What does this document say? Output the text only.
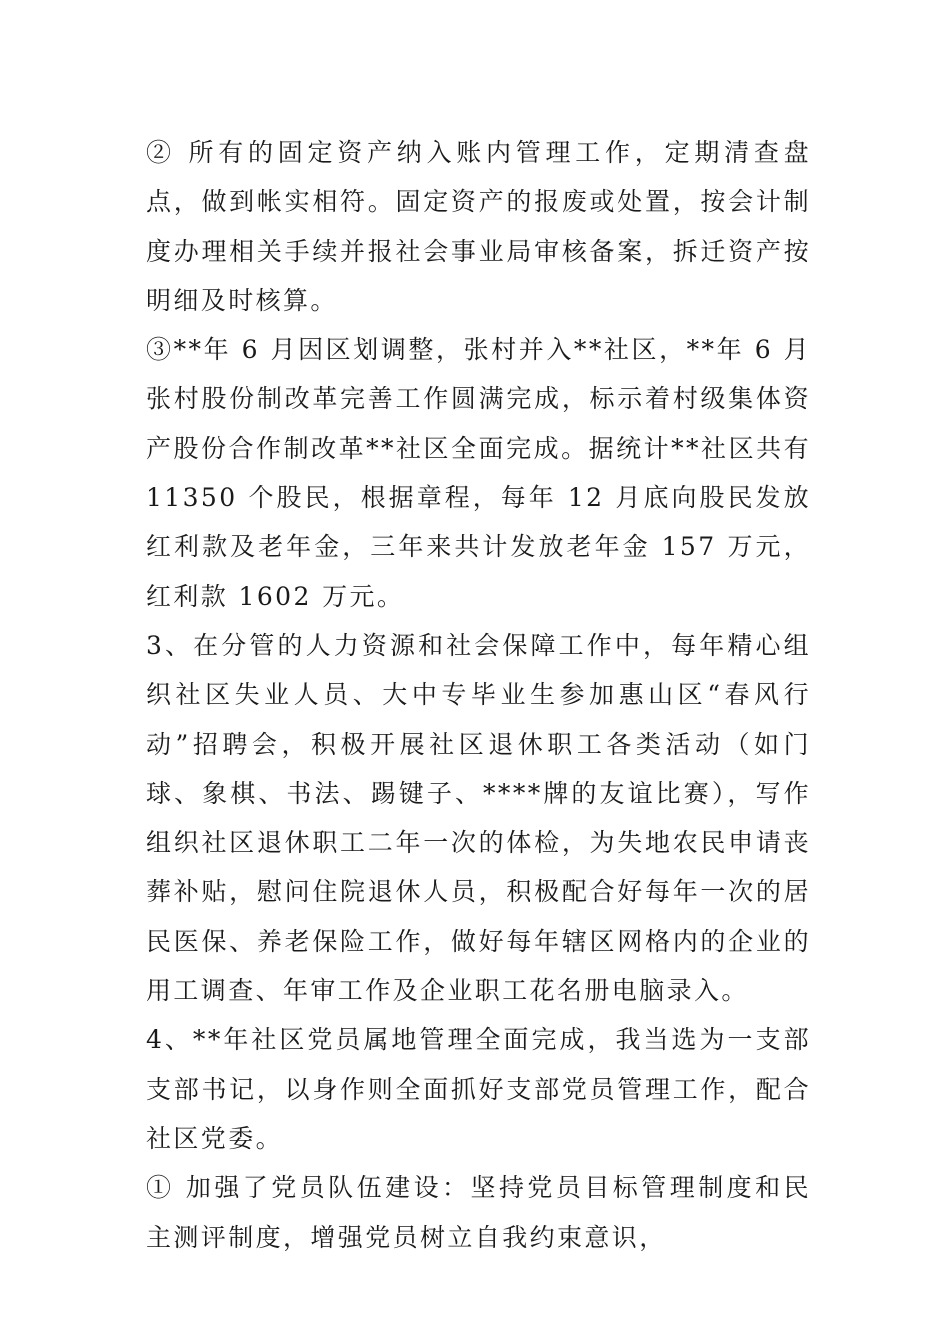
② 所有的固定资产纳入账内管理工作，定期清查盘点，做到帐实相符。固定资产的报废或处置，按会计制度办理相关手续并报社会事业局审核备案，拆迁资产按明细及时核算。

③**年 6 月因区划调整，张村并入**社区，**年 6 月张村股份制改革完善工作圆满完成，标示着村级集体资产股份合作制改革**社区全面完成。据统计**社区共有 11350 个股民，根据章程，每年 12 月底向股民发放红利款及老年金，三年来共计发放老年金 157 万元，红利款 1602 万元。

3、在分管的人力资源和社会保障工作中，每年精心组织社区失业人员、大中专毕业生参加惠山区“春风行动”招聘会，积极开展社区退休职工各类活动（如门球、象棋、书法、踢键子、****牌的友谊比赛），写作组织社区退休职工二年一次的体检，为失地农民申请丧葬补贴，慰问住院退休人员，积极配合好每年一次的居民医保、养老保险工作，做好每年辖区网格内的企业的用工调查、年审工作及企业职工花名册电脑录入。

4、**年社区党员属地管理全面完成，我当选为一支部支部书记，以身作则全面抓好支部党员管理工作，配合社区党委。

① 加强了党员队伍建设：坚持党员目标管理制度和民主测评制度，增强党员树立自我约束意识，
